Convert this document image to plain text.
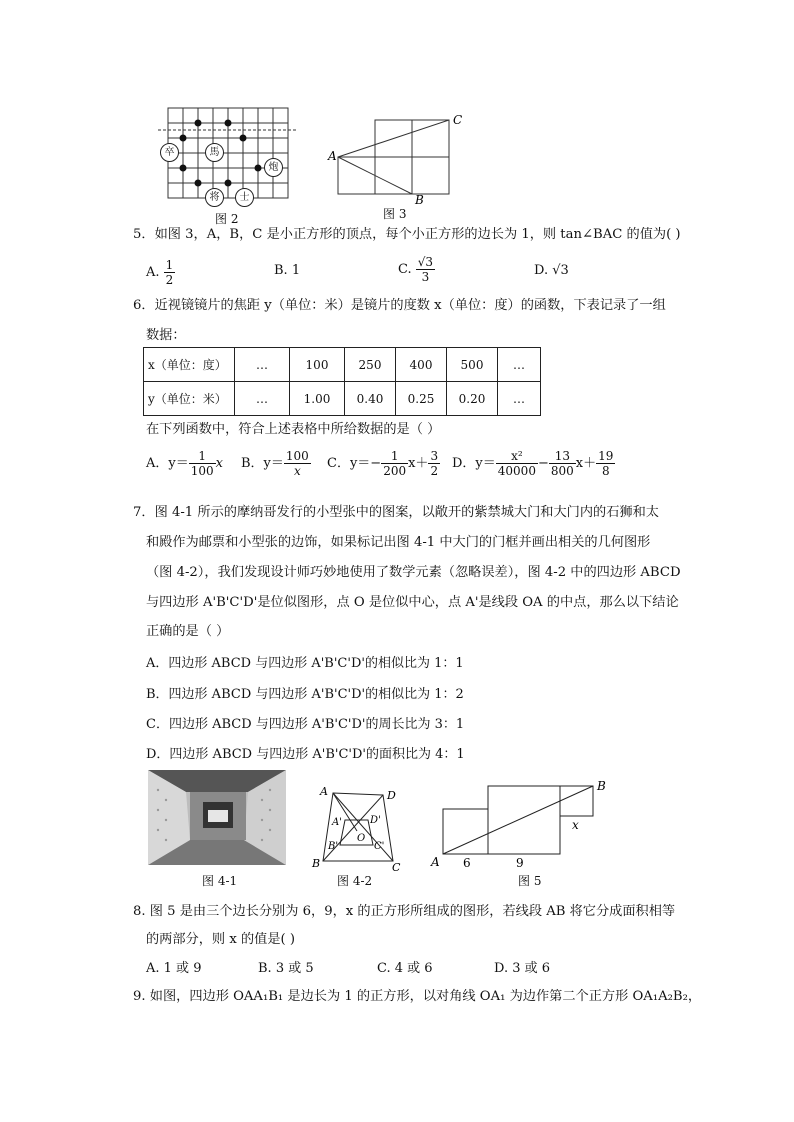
卒	馬
炮
将	士
图 2
A
B
C
图 3
5．如图 3，A，B，C 是小正方形的顶点，每个小正方形的边长为 1，则 tan∠BAC 的值为( )
A. $\frac{1}{2}$	B. 1	C. $\frac{√3}{3}$	D. √3
6．近视镜镜片的焦距 y（单位：米）是镜片的度数 x（单位：度）的函数，下表记录了一组
数据：
x（单位：度）	…	100	250	400	500	…
y（单位：米）	…	1.00	0.40	0.25	0.20	…
在下列函数中，符合上述表格中所给数据的是（ ）
A．$y= \frac{1}{100}$ x B．$y= \frac{100}{x}$ C．$y=- \frac{1}{200} x+ \frac{3}{2}$ D．$y= \frac{\text{x²}}{40000} - \frac{13}{800} x+ \frac{19}{8}$
7．图 4-1 所示的摩纳哥发行的小型张中的图案，以敞开的紫禁城大门和大门内的石狮和太
和殿作为邮票和小型张的边饰，如果标记出图 4-1 中大门的门框并画出相关的几何图形
（图 4-2），我们发现设计师巧妙地使用了数学元素（忽略误差），图 4-2 中的四边形 ABCD
与四边形 A'B'C'D'是位似图形，点 O 是位似中心，点 A'是线段 OA 的中点，那么以下结论
正确的是（ ）
A．四边形 ABCD 与四边形 A'B'C'D'的相似比为 1：1
B．四边形 ABCD 与四边形 A'B'C'D'的相似比为 1：2
C．四边形 ABCD 与四边形 A'B'C'D'的周长比为 3：1
D．四边形 ABCD 与四边形 A'B'C'D'的面积比为 4：1
图 4-1
A	D
A'	D'
O
B'	C'
B	C
图 4-2
A
B
6	9
x
图 5
8. 图 5 是由三个边长分别为 6，9，x 的正方形所组成的图形，若线段 AB 将它分成面积相等
的两部分，则 x 的值是( )
A. 1 或 9	B. 3 或 5	C. 4 或 6	D. 3 或 6
9. 如图，四边形 OAA₁B₁ 是边长为 1 的正方形，以对角线 OA₁ 为边作第二个正方形 OA₁A₂B₂，
